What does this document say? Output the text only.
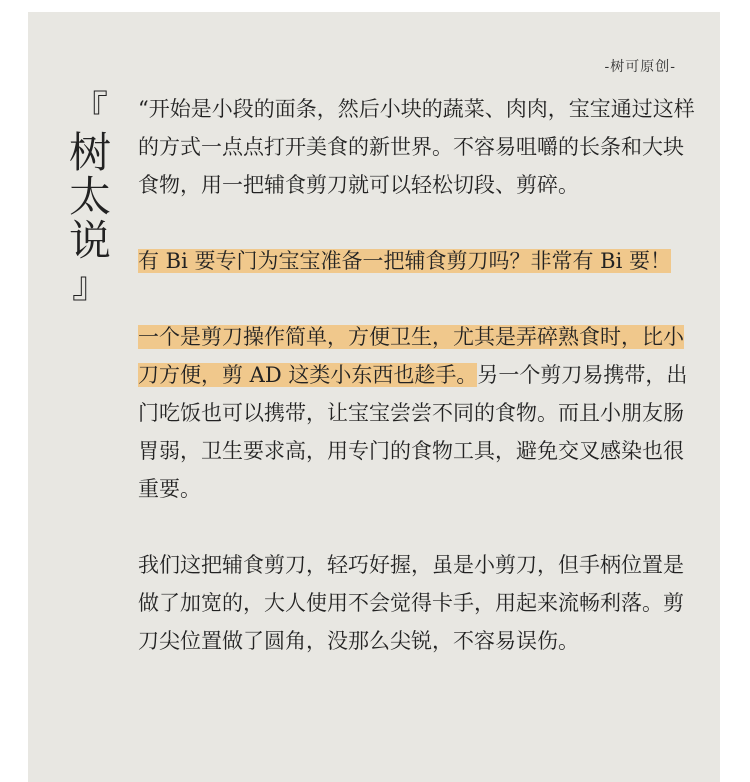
-树可原创-
『
树
太
说
』

“开始是小段的面条，然后小块的蔬菜、肉肉，宝宝通过这样的方式一点点打开美食的新世界。不容易咀嚼的长条和大块食物，用一把辅食剪刀就可以轻松切段、剪碎。

有 Bi 要专门为宝宝准备一把辅食剪刀吗？非常有 Bi 要！

一个是剪刀操作简单，方便卫生，尤其是弄碎熟食时，比小刀方便，剪 AD 这类小东西也趁手。另一个剪刀易携带，出门吃饭也可以携带，让宝宝尝尝不同的食物。而且小朋友肠胃弱，卫生要求高，用专门的食物工具，避免交叉感染也很重要。

我们这把辅食剪刀，轻巧好握，虽是小剪刀，但手柄位置是做了加宽的，大人使用不会觉得卡手，用起来流畅利落。剪刀尖位置做了圆角，没那么尖锐，不容易误伤。
